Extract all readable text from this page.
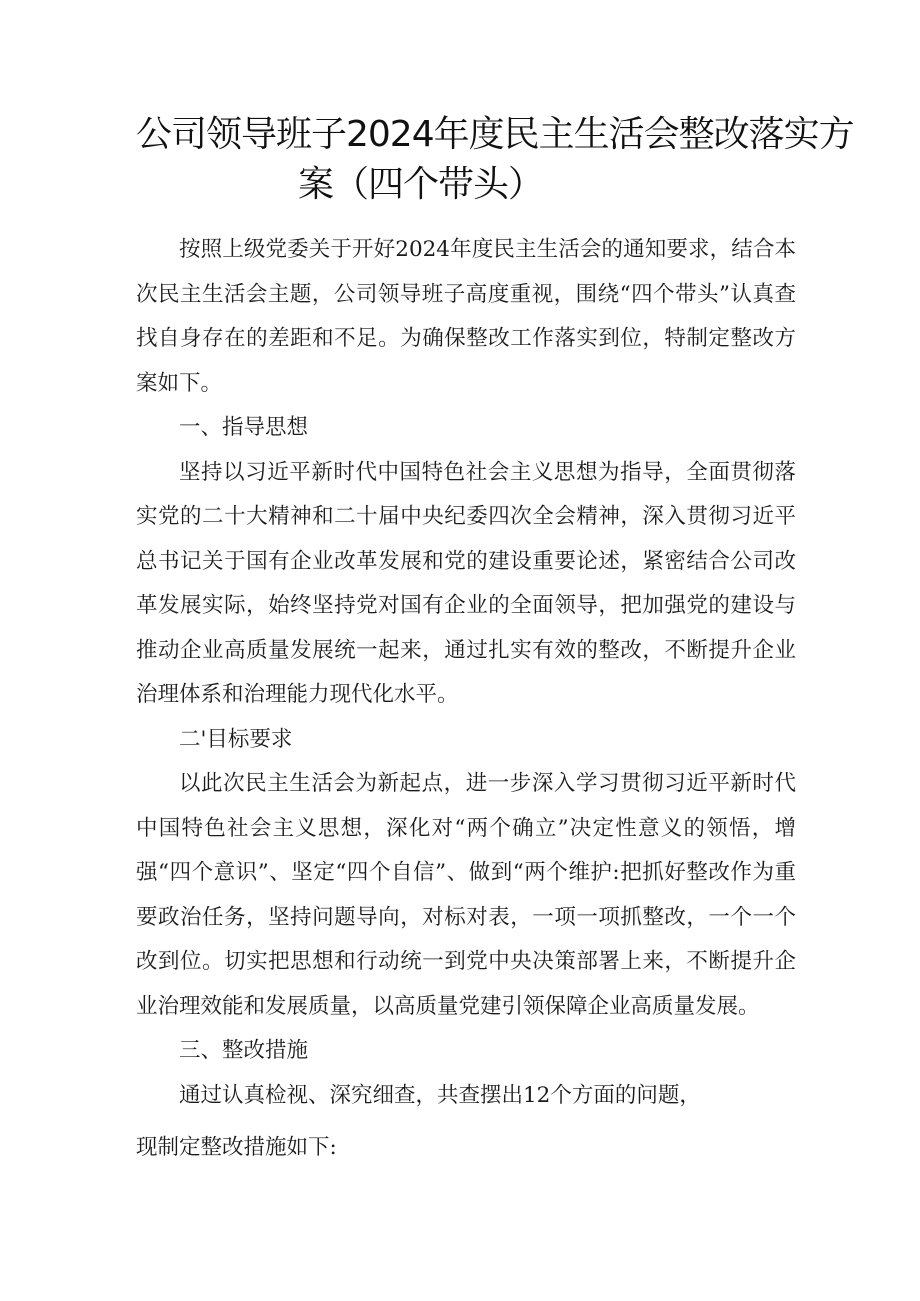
公司领导班子2024年度民主生活会整改落实方
案（四个带头）

按照上级党委关于开好2024年度民主生活会的通知要求，结合本次民主生活会主题，公司领导班子高度重视，围绕“四个带头”认真查找自身存在的差距和不足。为确保整改工作落实到位，特制定整改方案如下。

一、指导思想

坚持以习近平新时代中国特色社会主义思想为指导，全面贯彻落实党的二十大精神和二十届中央纪委四次全会精神，深入贯彻习近平总书记关于国有企业改革发展和党的建设重要论述，紧密结合公司改革发展实际，始终坚持党对国有企业的全面领导，把加强党的建设与推动企业高质量发展统一起来，通过扎实有效的整改，不断提升企业治理体系和治理能力现代化水平。

二'目标要求

以此次民主生活会为新起点，进一步深入学习贯彻习近平新时代中国特色社会主义思想，深化对“两个确立”决定性意义的领悟，增强“四个意识”、坚定“四个自信”、做到“两个维护:把抓好整改作为重要政治任务，坚持问题导向，对标对表，一项一项抓整改，一个一个改到位。切实把思想和行动统一到党中央决策部署上来，不断提升企业治理效能和发展质量，以高质量党建引领保障企业高质量发展。

三、整改措施

通过认真检视、深究细查，共查摆出12个方面的问题，

现制定整改措施如下:
